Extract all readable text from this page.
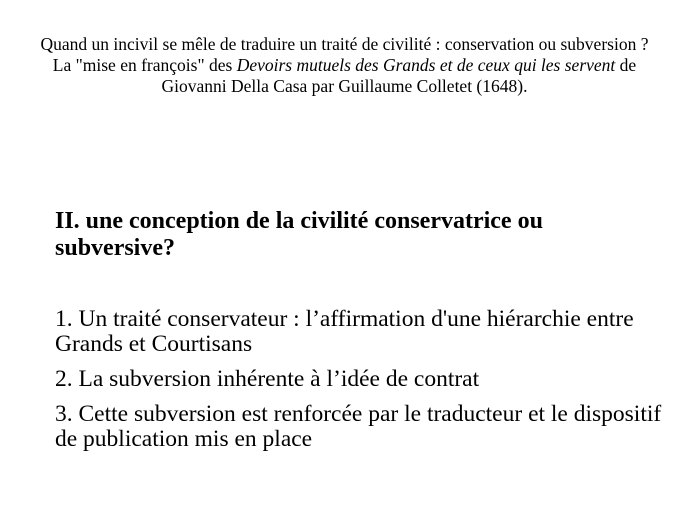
Quand un incivil se mêle de traduire un traité de civilité : conservation ou subversion ?

La "mise en françois" des Devoirs mutuels des Grands et de ceux qui les servent de Giovanni Della Casa par Guillaume Colletet (1648).

II. une conception de la civilité conservatrice ou subversive?
1. Un traité conservateur : l’affirmation d'une hiérarchie entre Grands et Courtisans
2. La subversion inhérente à l’idée de contrat
3. Cette subversion est renforcée par le traducteur et le dispositif de publication mis en place
